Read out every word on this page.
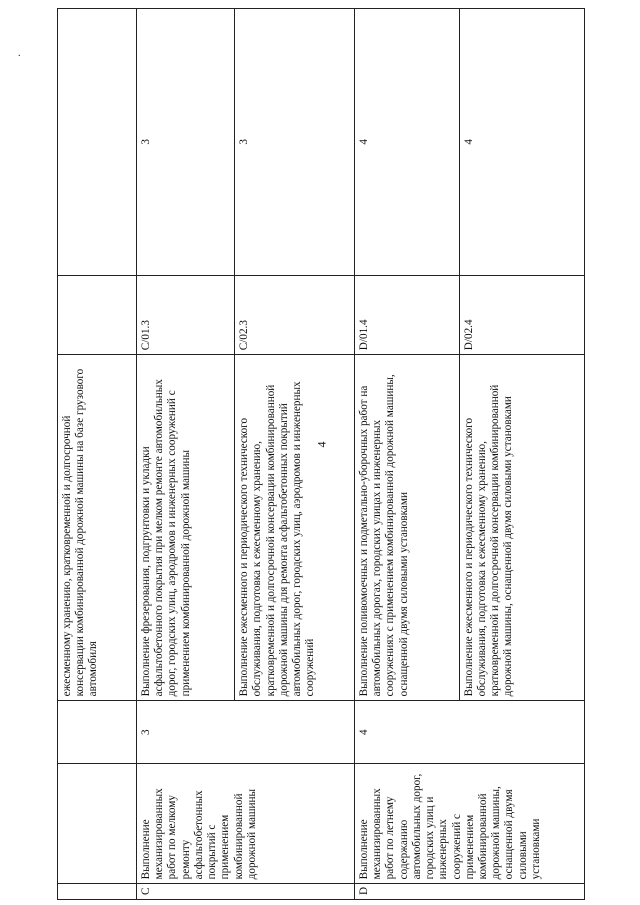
.
4
			ежесменному хранению, кратковременной и долгосрочной консервации комбинированной дорожной машины на базе грузового автомобиля		
C	Выполнение механизированных работ по мелкому ремонту асфальтобетонных покрытий с применением комбинированной дорожной машины	3	Выполнение фрезерования, подгрунтовки и укладки асфальтобетонного покрытия при мелком ремонте автомобильных дорог, городских улиц, аэродромов и инженерных сооружений с применением комбинированной дорожной машины	C/01.3	3
			Выполнение ежесменного и периодического технического обслуживания, подготовка к ежесменному хранению, кратковременной и долгосрочной консервации комбинированной дорожной машины для ремонта асфальтобетонных покрытий автомобильных дорог, городских улиц, аэродромов и инженерных сооружений	C/02.3	3
D	Выполнение механизированных работ по летнему содержанию автомобильных дорог, городских улиц и инженерных сооружений с применением комбинированной дорожной машины, оснащенной двумя силовыми установками	4	Выполнение поливомоечных и подметально-уборочных работ на автомобильных дорогах, городских улицах и инженерных сооружениях с применением комбинированной дорожной машины, оснащенной двумя силовыми установками	D/01.4	4
			Выполнение ежесменного и периодического технического обслуживания, подготовка к ежесменному хранению, кратковременной и долгосрочной консервации комбинированной дорожной машины, оснащенной двумя силовыми установками	D/02.4	4
